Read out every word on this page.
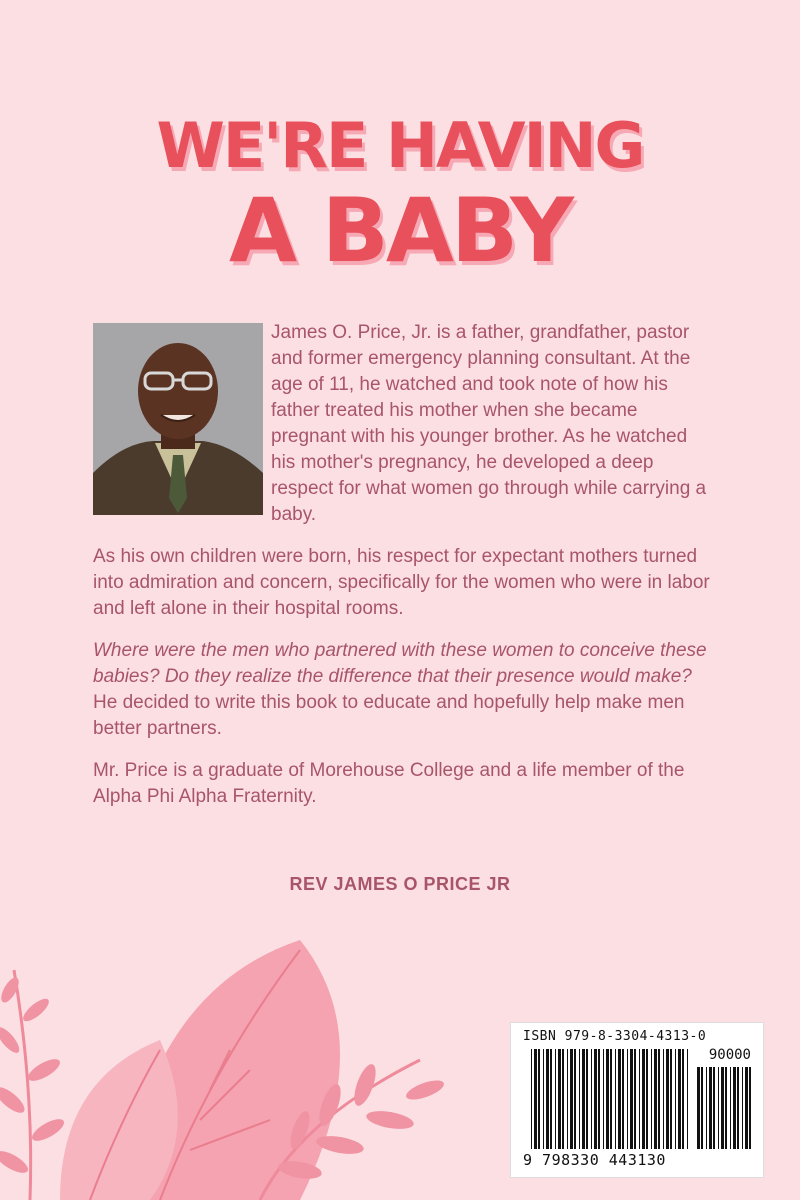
WE'RE HAVING
A BABY

James O. Price, Jr. is a father, grandfather, pastor and former emergency planning consultant. At the age of 11, he watched and took note of how his father treated his mother when she became pregnant with his younger brother. As he watched his mother's pregnancy, he developed a deep respect for what women go through while carrying a baby.

As his own children were born, his respect for expectant mothers turned into admiration and concern, specifically for the women who were in labor and left alone in their hospital rooms.

Where were the men who partnered with these women to conceive these babies? Do they realize the difference that their presence would make? He decided to write this book to educate and hopefully help make men better partners.

Mr. Price is a graduate of Morehouse College and a life member of the Alpha Phi Alpha Fraternity.

REV JAMES O PRICE JR
ISBN 979-8-3304-4313-0
90000
9 798330 443130
